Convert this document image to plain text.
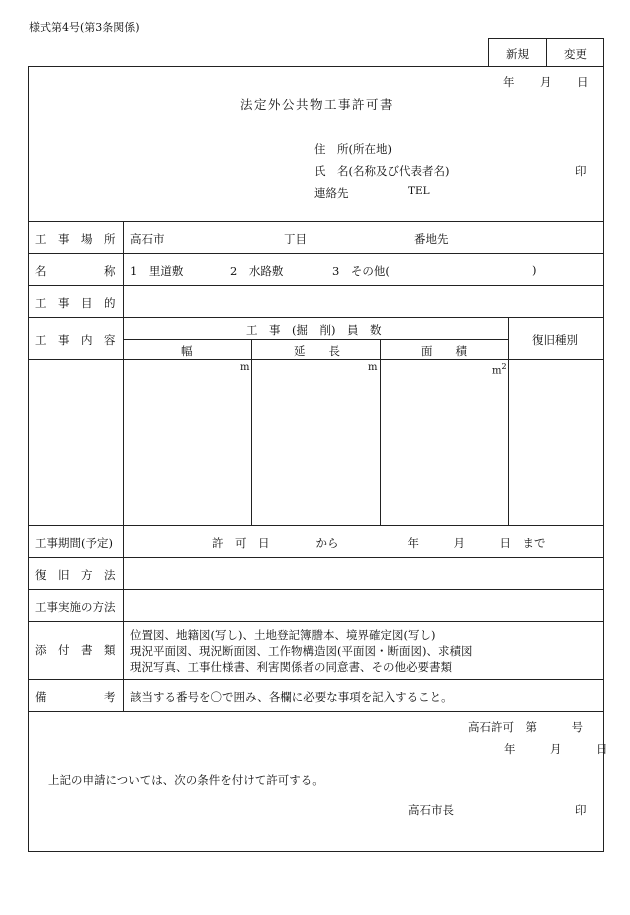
様式第4号(第3条関係)
新規	変更
年 月 日
法定外公共物工事許可書
住　所(所在地)
氏　名(名称及び代表者名)	印
連絡先	TEL
工　事　場　所 高石市	丁目	番地先
名　　　　　称 1　里道敷	2　水路敷	3　その他(	)
工　事　目　的
工　事　内　容
工　事　(掘　削)　員　数
幅	延　　長	面　　積
復旧種別
m	m	$m^2$
工事期間(予定)	許　可　日　　　　から　　　　　　年　　　月　　　日　まで
復　旧　方　法
工事実施の方法
添　付　書　類
位置図、地籍図(写し)、土地登記簿謄本、境界確定図(写し)
現況平面図、現況断面図、工作物構造図(平面図・断面図)、求積図
現況写真、工事仕様書、利害関係者の同意書、その他必要書類
備　　　　　考 該当する番号を〇で囲み、各欄に必要な事項を記入すること。
高石許可　第　　　号
年　　　月　　　日
上記の申請については、次の条件を付けて許可する。
高石市長	印
